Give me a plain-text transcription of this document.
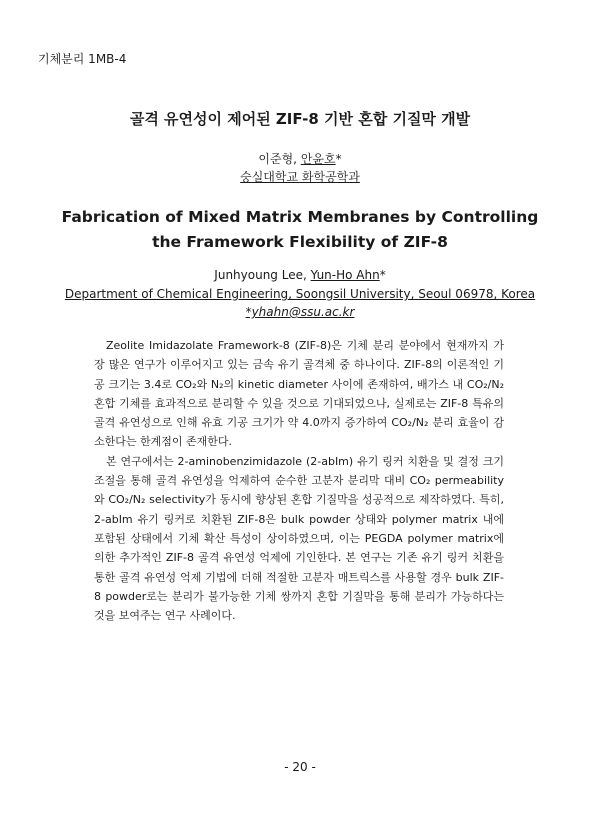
기체분리 1MB-4
골격 유연성이 제어된 ZIF-8 기반 혼합 기질막 개발
이준형, 안윤호*
숭실대학교 화학공학과
Fabrication of Mixed Matrix Membranes by Controlling the Framework Flexibility of ZIF-8
Junhyoung Lee, Yun-Ho Ahn*
Department of Chemical Engineering, Soongsil University, Seoul 06978, Korea
*yhahn@ssu.ac.kr

Zeolite Imidazolate Framework-8 (ZIF-8)은 기체 분리 분야에서 현재까지 가장 많은 연구가 이루어지고 있는 금속 유기 골격체 중 하나이다. ZIF-8의 이론적인 기공 크기는 3.4로 CO₂와 N₂의 kinetic diameter 사이에 존재하여, 배가스 내 CO₂/N₂ 혼합 기체를 효과적으로 분리할 수 있을 것으로 기대되었으나, 실제로는 ZIF-8 특유의 골격 유연성으로 인해 유효 기공 크기가 약 4.0까지 증가하여 CO₂/N₂ 분리 효율이 감소한다는 한계점이 존재한다.

본 연구에서는 2-aminobenzimidazole (2-abIm) 유기 링커 치환을 및 결정 크기 조절을 통해 골격 유연성을 억제하여 순수한 고분자 분리막 대비 CO₂ permeability와 CO₂/N₂ selectivity가 동시에 향상된 혼합 기질막을 성공적으로 제작하였다. 특히, 2-abIm 유기 링커로 치환된 ZIF-8은 bulk powder 상태와 polymer matrix 내에 포함된 상태에서 기체 확산 특성이 상이하였으며, 이는 PEGDA polymer matrix에 의한 추가적인 ZIF-8 골격 유연성 억제에 기인한다. 본 연구는 기존 유기 링커 치환을 통한 골격 유연성 억제 기법에 더해 적절한 고분자 매트릭스를 사용할 경우 bulk ZIF-8 powder로는 분리가 불가능한 기체 쌍까지 혼합 기질막을 통해 분리가 가능하다는 것을 보여주는 연구 사례이다.

- 20 -
